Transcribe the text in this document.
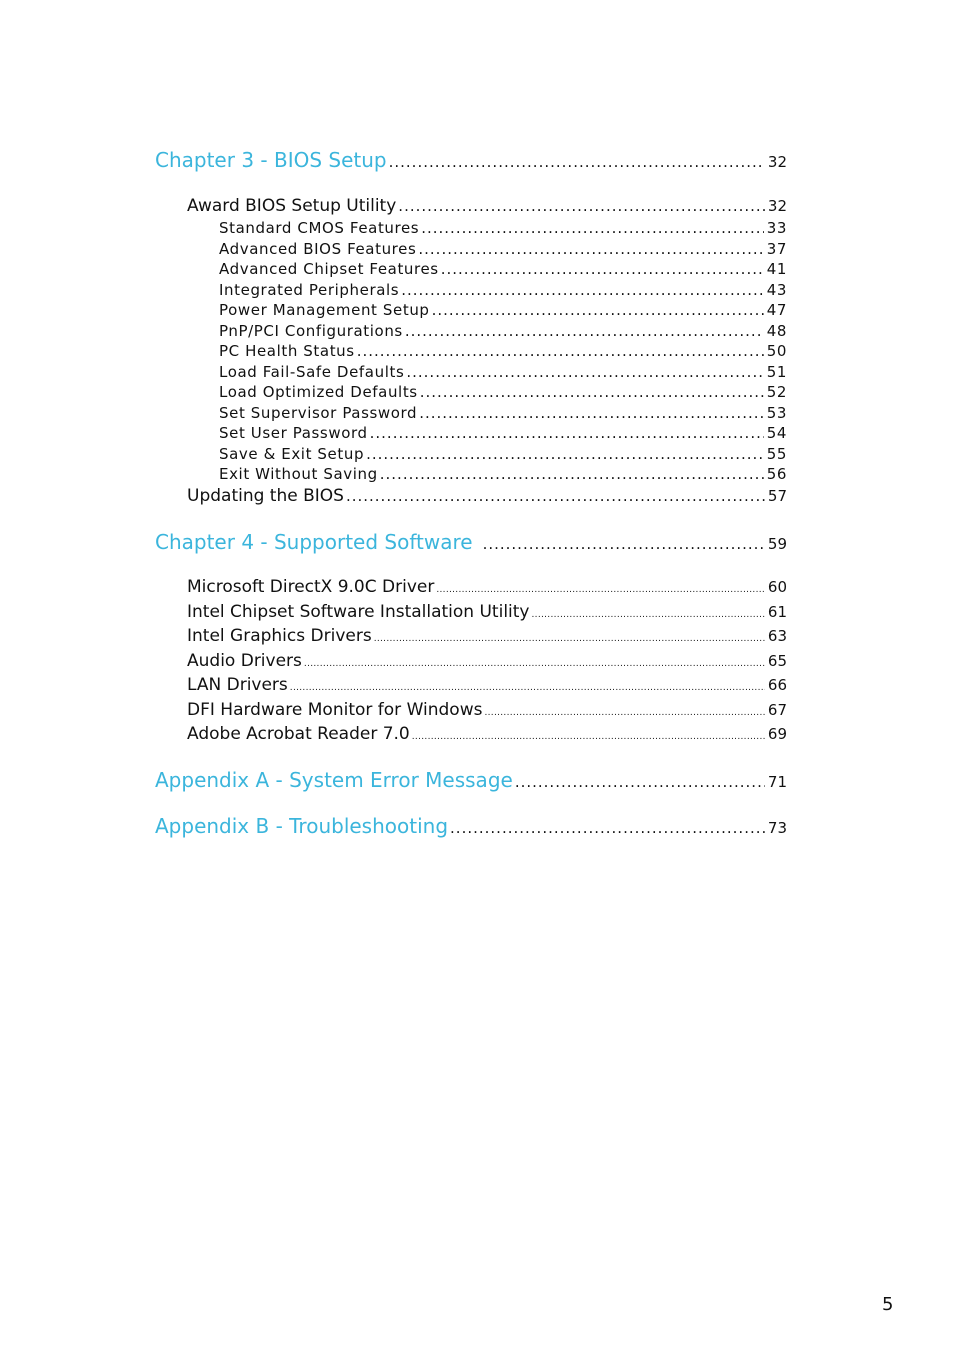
Chapter 3 - BIOS Setup .....	32
Award BIOS Setup Utility .....	32
Standard CMOS Features .....	33
Advanced BIOS Features .....	37
Advanced Chipset Features .....	41
Integrated Peripherals .....	43
Power Management Setup .....	47
PnP/PCI Configurations .....	48
PC Health Status .....	50
Load Fail-Safe Defaults .....	51
Load Optimized Defaults .....	52
Set Supervisor Password .....	53
Set User Password .....	54
Save & Exit Setup .....	55
Exit Without Saving .....	56
Updating the BIOS .....	57
Chapter 4 - Supported Software .....	59
Microsoft DirectX 9.0C Driver .....	60
Intel Chipset Software Installation Utility .....	61
Intel Graphics Drivers .....	63
Audio Drivers .....	65
LAN Drivers .....	66
DFI Hardware Monitor for Windows .....	67
Adobe Acrobat Reader 7.0 .....	69
Appendix A - System Error Message .....	71
Appendix B - Troubleshooting .....	73
5
